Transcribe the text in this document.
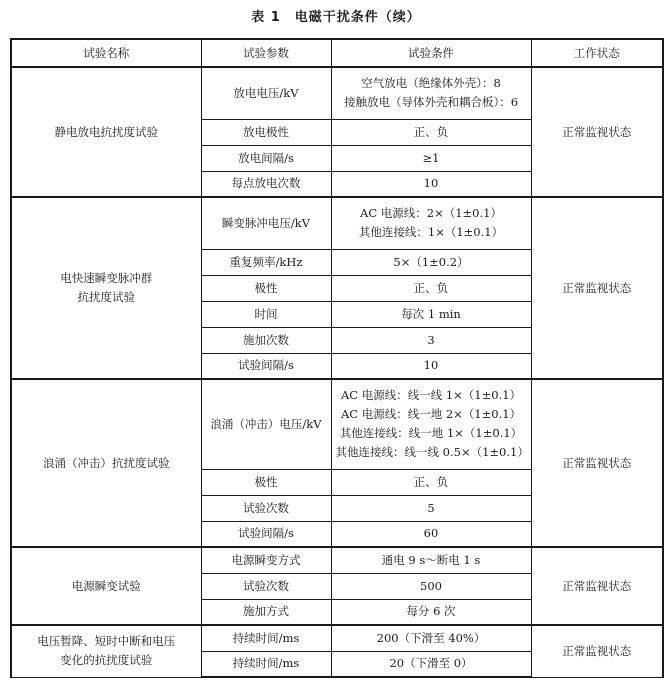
表 1　电磁干扰条件（续）
试验名称	试验参数	试验条件	工作状态

静电放电抗扰度试验	放电电压/kV	空气放电（绝缘体外壳）：8
接触放电（导体外壳和耦合板）：6	正常监视状态
	放电极性	正、负	

	放电间隔/s	≥1	

	每点放电次数	10	

电快速瞬变脉冲群
抗扰度试验	瞬变脉冲电压/kV	AC 电源线：2×（1±0.1）
其他连接线：1×（1±0.1）	正常监视状态
	重复频率/kHz	5×（1±0.2）	

	极性	正、负	

	时间	每次 1 min	

	施加次数	3	

	试验间隔/s	10	

浪涌（冲击）抗扰度试验	浪涌（冲击）电压/kV	AC 电源线：线一线 1×（1±0.1）
AC 电源线：线一地 2×（1±0.1）
其他连接线：线一地 1×（1±0.1）
其他连接线：线一线 0.5×（1±0.1）	正常监视状态
	极性	正、负	

	试验次数	5	

	试验间隔/s	60	

电源瞬变试验	电源瞬变方式	通电 9 s～断电 1 s	正常监视状态
	试验次数	500	

	施加方式	每分 6 次	

电压暂降、短时中断和电压
变化的抗扰度试验	持续时间/ms	200（下滑至 40%）	正常监视状态
	持续时间/ms	20（下滑至 0）	
